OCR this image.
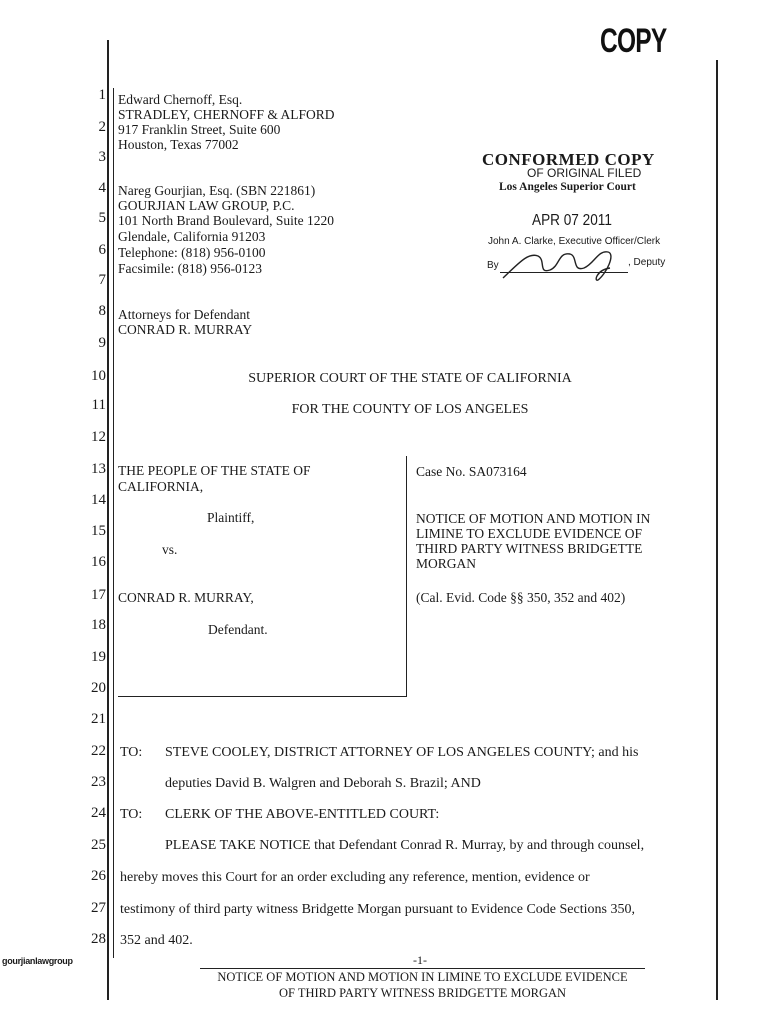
COPY
1
2
3
4
5
6
7
8
9
10
11
12
13
14
15
16
17
18
19
20
21
22
23
24
25
26
27
28
Edward Chernoff, Esq.
STRADLEY, CHERNOFF & ALFORD
917 Franklin Street, Suite 600
Houston, Texas 77002
Nareg Gourjian, Esq. (SBN 221861)
GOURJIAN LAW GROUP, P.C.
101 North Brand Boulevard, Suite 1220
Glendale, California 91203
Telephone: (818) 956-0100
Facsimile: (818) 956-0123
Attorneys for Defendant
CONRAD R. MURRAY
CONFORMED COPY
OF ORIGINAL FILED
Los Angeles Superior Court
APR 07 2011
John A. Clarke, Executive Officer/Clerk
By	, Deputy
SUPERIOR COURT OF THE STATE OF CALIFORNIA
FOR THE COUNTY OF LOS ANGELES
THE PEOPLE OF THE STATE OF
CALIFORNIA,
Plaintiff,
vs.
CONRAD R. MURRAY,
Defendant.
Case No. SA073164
NOTICE OF MOTION AND MOTION IN
LIMINE TO EXCLUDE EVIDENCE OF
THIRD PARTY WITNESS BRIDGETTE
MORGAN
(Cal. Evid. Code §§ 350, 352 and 402)
TO: STEVE COOLEY, DISTRICT ATTORNEY OF LOS ANGELES COUNTY; and his
deputies David B. Walgren and Deborah S. Brazil; AND
TO: CLERK OF THE ABOVE-ENTITLED COURT:
PLEASE TAKE NOTICE that Defendant Conrad R. Murray, by and through counsel,
hereby moves this Court for an order excluding any reference, mention, evidence or
testimony of third party witness Bridgette Morgan pursuant to Evidence Code Sections 350,
352 and 402.
gourjianlawgroup	-1-
NOTICE OF MOTION AND MOTION IN LIMINE TO EXCLUDE EVIDENCE
OF THIRD PARTY WITNESS BRIDGETTE MORGAN
